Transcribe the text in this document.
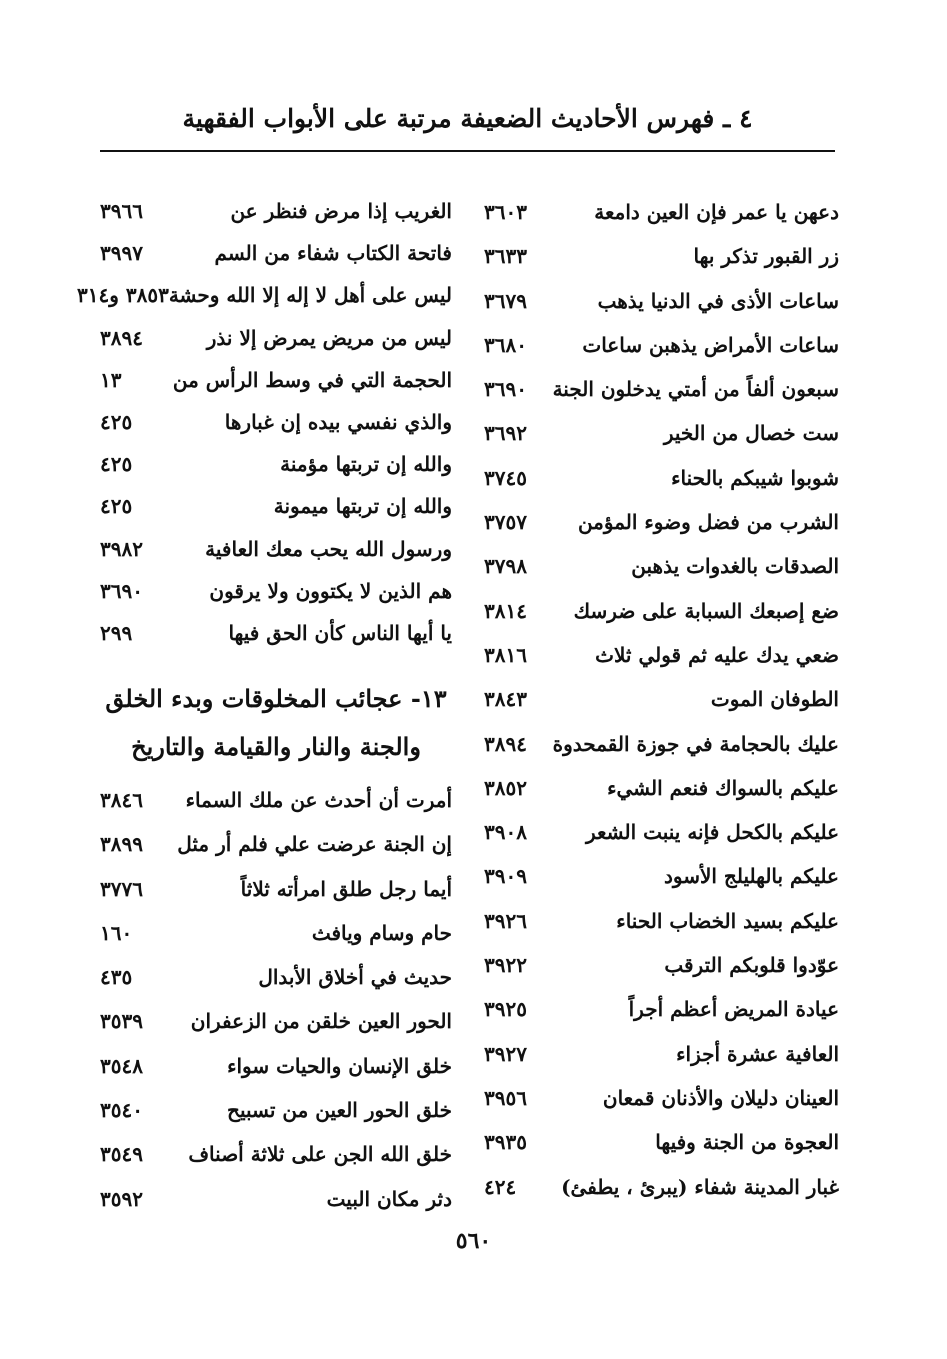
٤ ـ فهرس الأحاديث الضعيفة مرتبة على الأبواب الفقهية
دعهن يا عمر فإن العين دامعة
٣٦٠٣
زر القبور تذكر بها
٣٦٣٣
ساعات الأذى في الدنيا يذهب
٣٦٧٩
ساعات الأمراض يذهبن ساعات
٣٦٨٠
سبعون ألفاً من أمتي يدخلون الجنة
٣٦٩٠
ست خصال من الخير
٣٦٩٢
شوبوا شيبكم بالحناء
٣٧٤٥
الشرب من فضل وضوء المؤمن
٣٧٥٧
الصدقات بالغدوات يذهبن
٣٧٩٨
ضع إصبعك السبابة على ضرسك
٣٨١٤
ضعي يدك عليه ثم قولي ثلاث
٣٨١٦
الطوفان الموت
٣٨٤٣
عليك بالحجامة في جوزة القمحدوة
٣٨٩٤
عليكم بالسواك فنعم الشيء
٣٨٥٢
عليكم بالكحل فإنه ينبت الشعر
٣٩٠٨
عليكم بالهليلج الأسود
٣٩٠٩
عليكم بسيد الخضاب الحناء
٣٩٢٦
عوّدوا قلوبكم الترقب
٣٩٢٢
عيادة المريض أعظم أجراً
٣٩٢٥
العافية عشرة أجزاء
٣٩٢٧
العينان دليلان والأذنان قمعان
٣٩٥٦
العجوة من الجنة وفيها
٣٩٣٥
غبار المدينة شفاء (يبرئ ، يطفئ)
٤٢٤
الغريب إذا مرض فنظر عن
٣٩٦٦
فاتحة الكتاب شفاء من السم
٣٩٩٧
ليس على أهل لا إله إلا الله وحشة
٣٨٥٣ و٣١٤
ليس من مريض يمرض إلا نذر
٣٨٩٤
الحجمة التي في وسط الرأس من
١٣
والذي نفسي بيده إن غبارها
٤٢٥
والله إن تربتها مؤمنة
٤٢٥
والله إن تربتها ميمونة
٤٢٥
ورسول الله يحب معك العافية
٣٩٨٢
هم الذين لا يكتوون ولا يرقون
٣٦٩٠
يا أيها الناس كأن الحق فيها
٢٩٩
١٣- عجائب المخلوقات وبدء الخلق
والجنة والنار والقيامة والتاريخ
أمرت أن أحدث عن ملك السماء
٣٨٤٦
إن الجنة عرضت علي فلم أر مثل
٣٨٩٩
أيما رجل طلق امرأته ثلاثاً
٣٧٧٦
حام وسام ويافث
١٦٠
حديث في أخلاق الأبدال
٤٣٥
الحور العين خلقن من الزعفران
٣٥٣٩
خلق الإنسان والحيات سواء
٣٥٤٨
خلق الحور العين من تسبيح
٣٥٤٠
خلق الله الجن على ثلاثة أصناف
٣٥٤٩
دثر مكان البيت
٣٥٩٢
٥٦٠
